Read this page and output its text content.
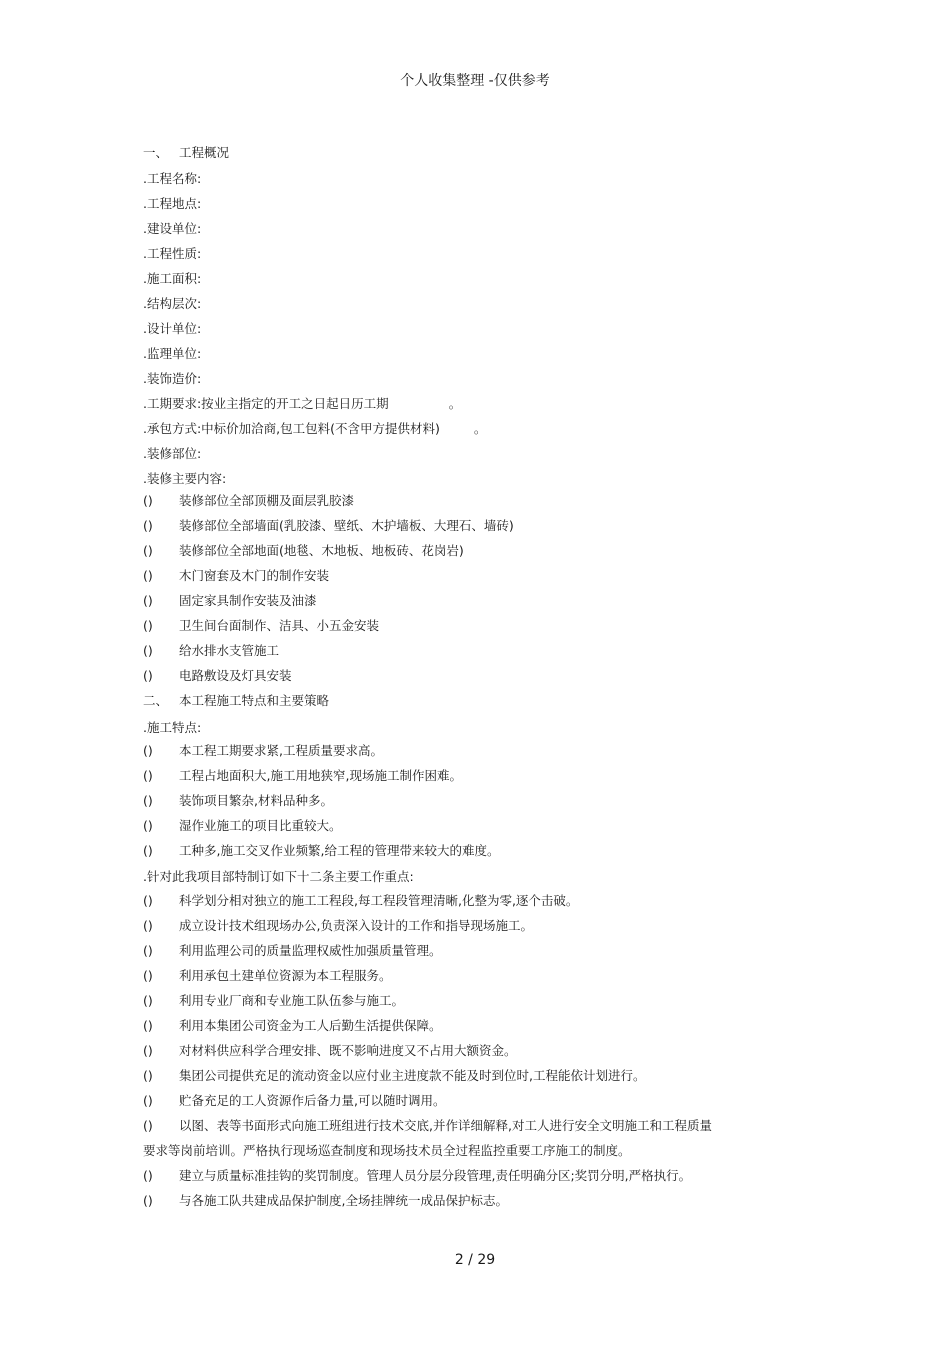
个人收集整理 -仅供参考
一、 工程概况
.工程名称:
.工程地点:
.建设单位:
.工程性质:
.施工面积:
.结构层次:
.设计单位:
.监理单位:
.装饰造价:
.工期要求:按业主指定的开工之日起日历工期	。
.承包方式:中标价加洽商,包工包料(不含甲方提供材料)	。
.装修部位:
.装修主要内容:
() 装修部位全部顶棚及面层乳胶漆
() 装修部位全部墙面(乳胶漆、壁纸、木护墙板、大理石、墙砖)
() 装修部位全部地面(地毯、木地板、地板砖、花岗岩)
() 木门窗套及木门的制作安装
() 固定家具制作安装及油漆
() 卫生间台面制作、洁具、小五金安装
() 给水排水支管施工
() 电路敷设及灯具安装
二、 本工程施工特点和主要策略
.施工特点:
() 本工程工期要求紧,工程质量要求高。
() 工程占地面积大,施工用地狭窄,现场施工制作困难。
() 装饰项目繁杂,材料品种多。
() 湿作业施工的项目比重较大。
() 工种多,施工交叉作业频繁,给工程的管理带来较大的难度。
.针对此我项目部特制订如下十二条主要工作重点:
() 科学划分相对独立的施工工程段,每工程段管理清晰,化整为零,逐个击破。
() 成立设计技术组现场办公,负责深入设计的工作和指导现场施工。
() 利用监理公司的质量监理权威性加强质量管理。
() 利用承包土建单位资源为本工程服务。
() 利用专业厂商和专业施工队伍参与施工。
() 利用本集团公司资金为工人后勤生活提供保障。
() 对材料供应科学合理安排、既不影响进度又不占用大额资金。
() 集团公司提供充足的流动资金以应付业主进度款不能及时到位时,工程能依计划进行。
() 贮备充足的工人资源作后备力量,可以随时调用。
() 以图、表等书面形式向施工班组进行技术交底,并作详细解释,对工人进行安全文明施工和工程质量
要求等岗前培训。严格执行现场巡查制度和现场技术员全过程监控重要工序施工的制度。
() 建立与质量标准挂钩的奖罚制度。管理人员分层分段管理,责任明确分区;奖罚分明,严格执行。
() 与各施工队共建成品保护制度,全场挂牌统一成品保护标志。
2 / 29
